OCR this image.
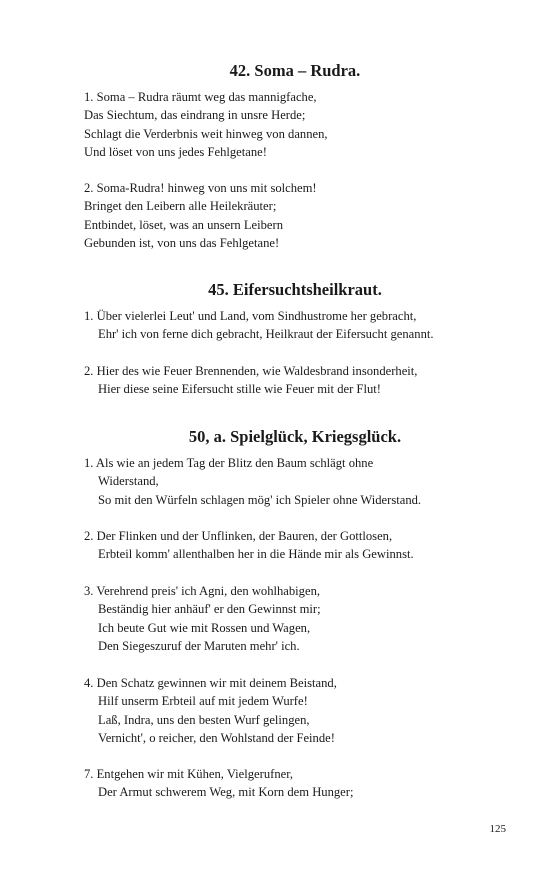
42. Soma – Rudra.
1. Soma – Rudra räumt weg das mannigfache,
Das Siechtum, das eindrang in unsre Herde;
Schlagt die Verderbnis weit hinweg von dannen,
Und löset von uns jedes Fehlgetane!
2. Soma-Rudra! hinweg von uns mit solchem!
Bringet den Leibern alle Heilekräuter;
Entbindet, löset, was an unsern Leibern
Gebunden ist, von uns das Fehlgetane!
45. Eifersuchtsheilkraut.
1. Über vielerlei Leut' und Land, vom Sindhustrome her gebracht,
Ehr' ich von ferne dich gebracht, Heilkraut der Eifersucht genannt.
2. Hier des wie Feuer Brennenden, wie Waldesbrand insonderheit,
Hier diese seine Eifersucht stille wie Feuer mit der Flut!
50, a. Spielglück, Kriegsglück.
1. Als wie an jedem Tag der Blitz den Baum schlägt ohne
Widerstand,
So mit den Würfeln schlagen mög' ich Spieler ohne Widerstand.
2. Der Flinken und der Unflinken, der Bauren, der Gottlosen,
Erbteil komm' allenthalben her in die Hände mir als Gewinnst.
3. Verehrend preis' ich Agni, den wohlhabigen,
Beständig hier anhäuf' er den Gewinnst mir;
Ich beute Gut wie mit Rossen und Wagen,
Den Siegeszuruf der Maruten mehr' ich.
4. Den Schatz gewinnen wir mit deinem Beistand,
Hilf unserm Erbteil auf mit jedem Wurfe!
Laß, Indra, uns den besten Wurf gelingen,
Vernicht', o reicher, den Wohlstand der Feinde!
7. Entgehen wir mit Kühen, Vielgerufner,
Der Armut schwerem Weg, mit Korn dem Hunger;
125
